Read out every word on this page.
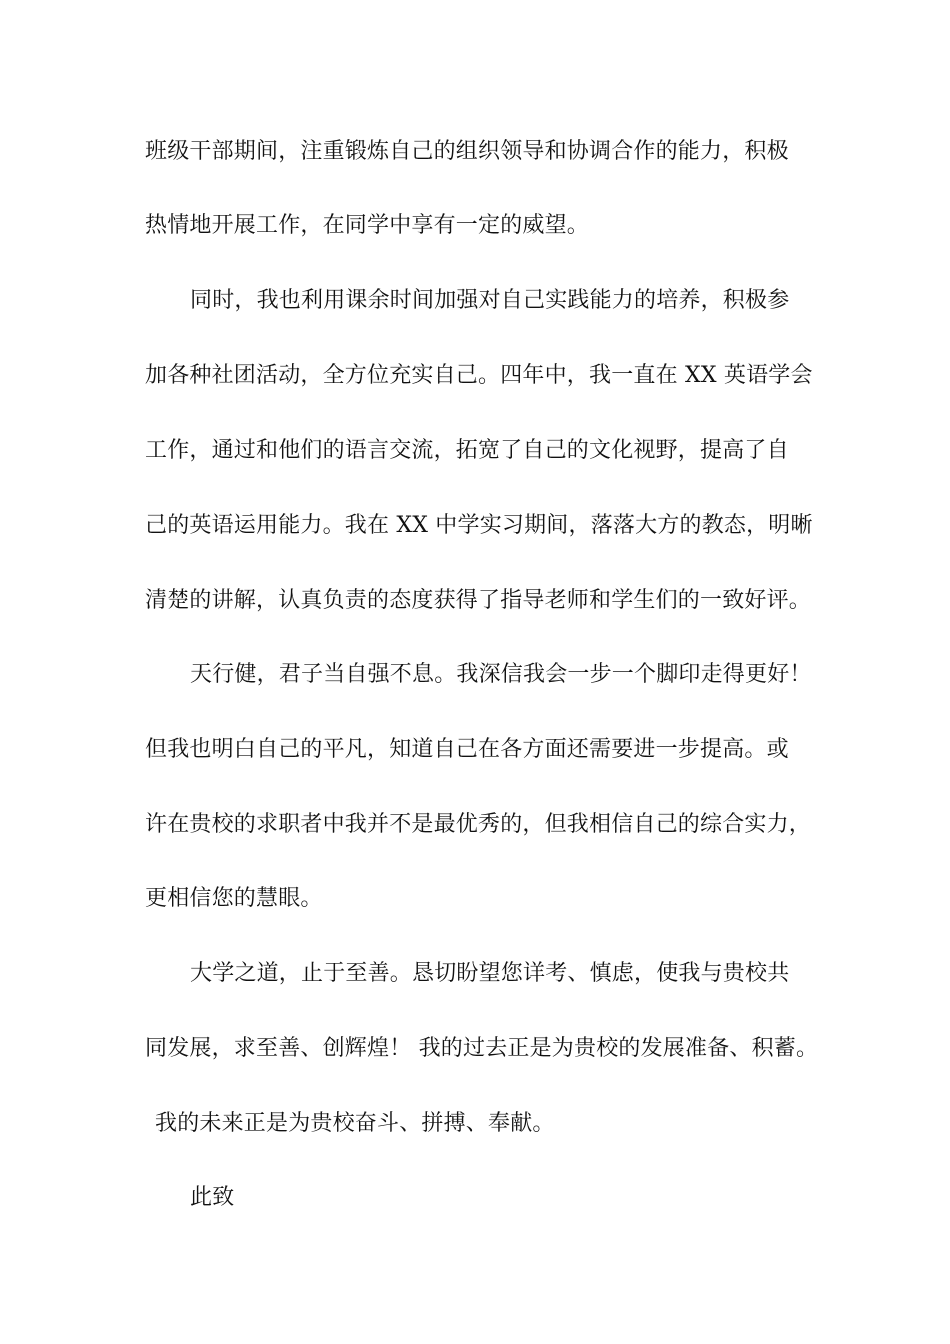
班级干部期间，注重锻炼自己的组织领导和协调合作的能力，积极
热情地开展工作，在同学中享有一定的威望。
同时，我也利用课余时间加强对自己实践能力的培养，积极参
加各种社团活动，全方位充实自己。四年中，我一直在 XX 英语学会
工作，通过和他们的语言交流，拓宽了自己的文化视野，提高了自
己的英语运用能力。我在 XX 中学实习期间，落落大方的教态，明晰
清楚的讲解，认真负责的态度获得了指导老师和学生们的一致好评。
天行健，君子当自强不息。我深信我会一步一个脚印走得更好！
但我也明白自己的平凡，知道自己在各方面还需要进一步提高。或
许在贵校的求职者中我并不是最优秀的，但我相信自己的综合实力，
更相信您的慧眼。
大学之道，止于至善。恳切盼望您详考、慎虑，使我与贵校共
同发展，求至善、创辉煌！ 我的过去正是为贵校的发展准备、积蓄。
我的未来正是为贵校奋斗、拼搏、奉献。
此致
